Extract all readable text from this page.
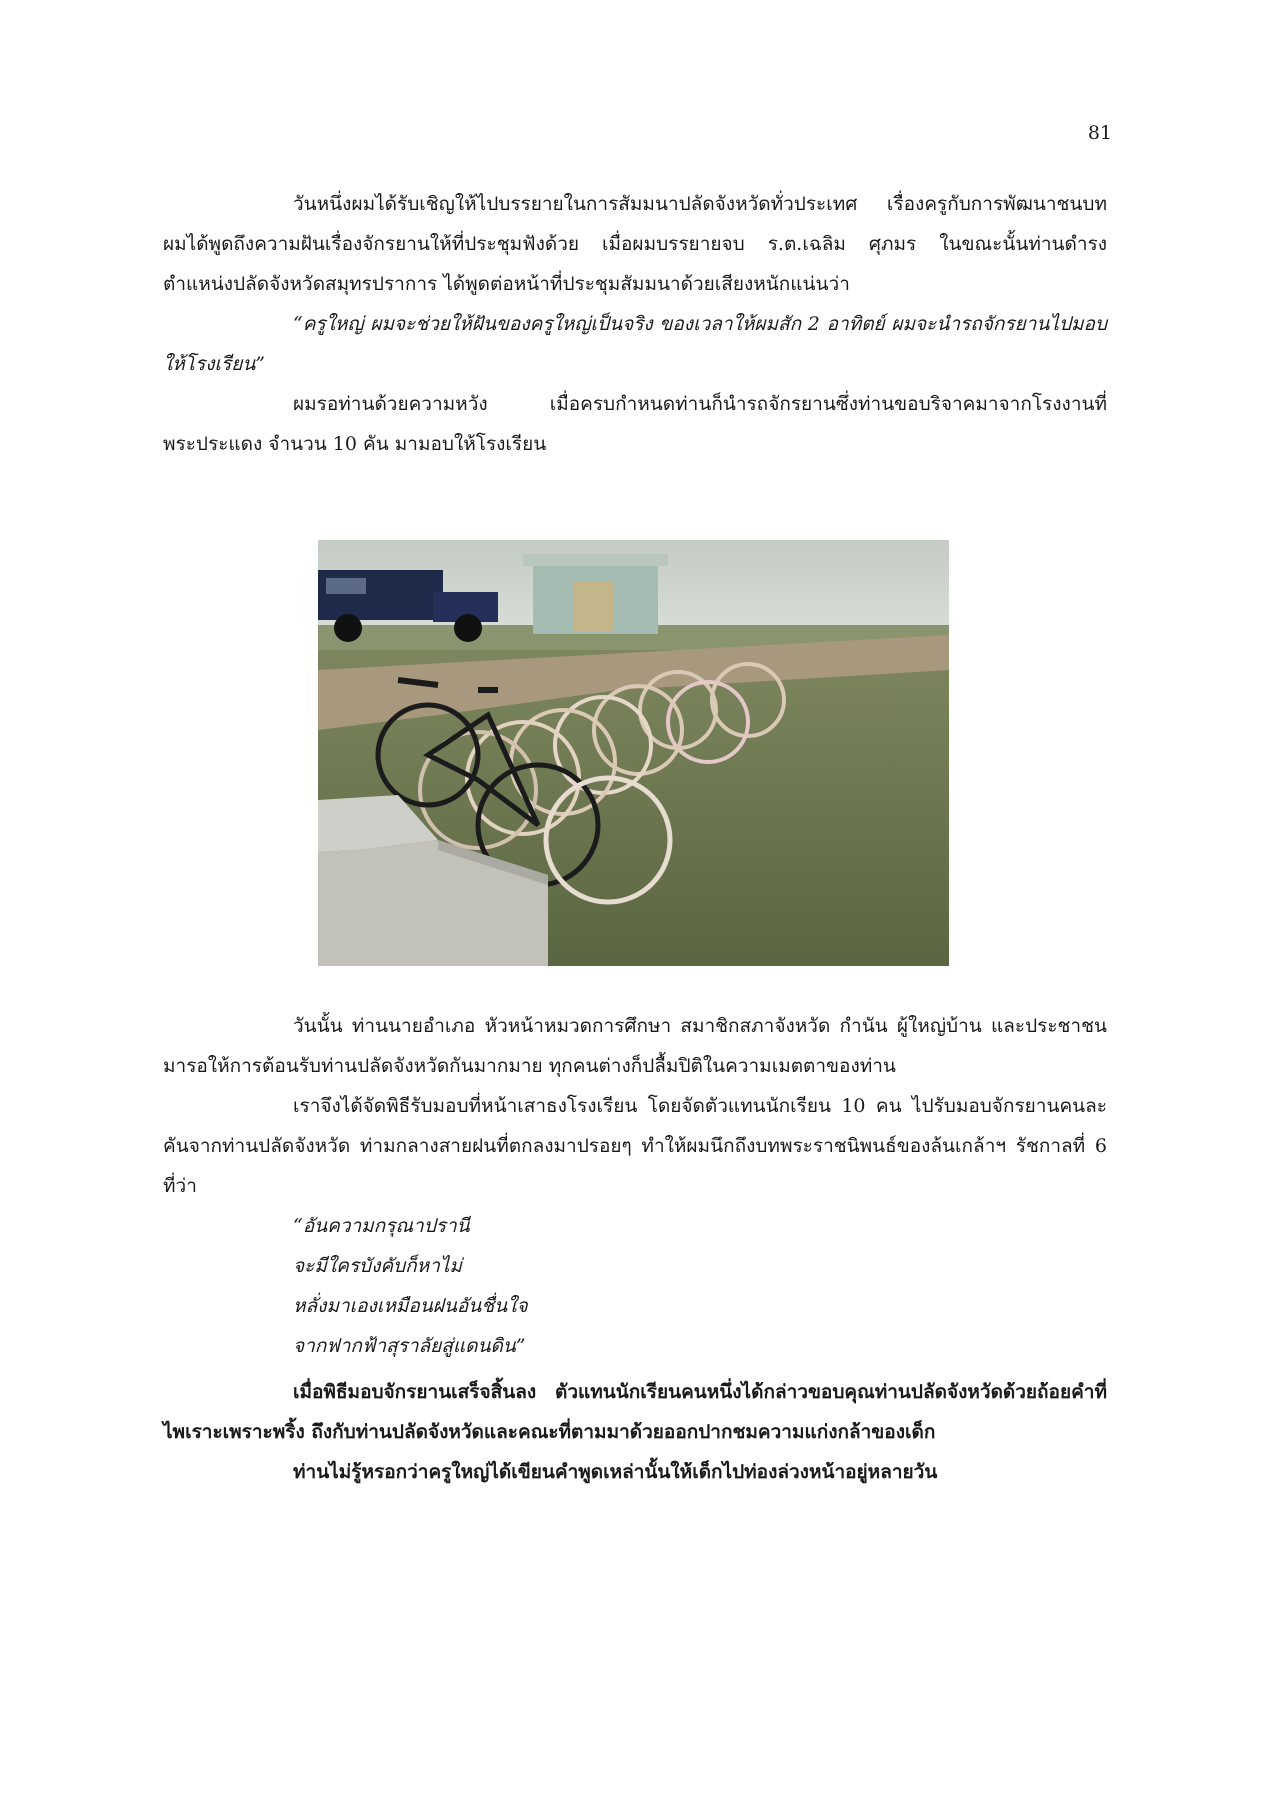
81

วันหนึ่งผมได้รับเชิญให้ไปบรรยายในการสัมมนาปลัดจังหวัดทั่วประเทศ เรื่องครูกับการพัฒนาชนบท ผมได้พูดถึงความฝันเรื่องจักรยานให้ที่ประชุมฟังด้วย เมื่อผมบรรยายจบ ร.ต.เฉลิม ศุภมร ในขณะนั้นท่านดำรงตำแหน่งปลัดจังหวัดสมุทรปราการ ได้พูดต่อหน้าที่ประชุมสัมมนาด้วยเสียงหนักแน่นว่า

“ครูใหญ่ ผมจะช่วยให้ฝันของครูใหญ่เป็นจริง ของเวลาให้ผมสัก 2 อาทิตย์ ผมจะนำรถจักรยานไปมอบให้โรงเรียน”

ผมรอท่านด้วยความหวัง เมื่อครบกำหนดท่านก็นำรถจักรยานซึ่งท่านขอบริจาคมาจากโรงงานที่พระประแดง จำนวน 10 คัน มามอบให้โรงเรียน

วันนั้น ท่านนายอำเภอ หัวหน้าหมวดการศึกษา สมาชิกสภาจังหวัด กำนัน ผู้ใหญ่บ้าน และประชาชนมารอให้การต้อนรับท่านปลัดจังหวัดกันมากมาย ทุกคนต่างก็ปลื้มปิติในความเมตตาของท่าน

เราจึงได้จัดพิธีรับมอบที่หน้าเสาธงโรงเรียน โดยจัดตัวแทนนักเรียน 10 คน ไปรับมอบจักรยานคนละคันจากท่านปลัดจังหวัด ท่ามกลางสายฝนที่ตกลงมาปรอยๆ ทำให้ผมนึกถึงบทพระราชนิพนธ์ของล้นเกล้าฯ รัชกาลที่ 6 ที่ว่า

“อันความกรุณาปรานี

จะมีใครบังคับก็หาไม่

หลั่งมาเองเหมือนฝนอันชื่นใจ

จากฟากฟ้าสุราลัยสู่แดนดิน”

เมื่อพิธีมอบจักรยานเสร็จสิ้นลง ตัวแทนนักเรียนคนหนึ่งได้กล่าวขอบคุณท่านปลัดจังหวัดด้วยถ้อยคำที่ไพเราะเพราะพริ้ง ถึงกับท่านปลัดจังหวัดและคณะที่ตามมาด้วยออกปากชมความแก่งกล้าของเด็ก

ท่านไม่รู้หรอกว่าครูใหญ่ได้เขียนคำพูดเหล่านั้นให้เด็กไปท่องล่วงหน้าอยู่หลายวัน
